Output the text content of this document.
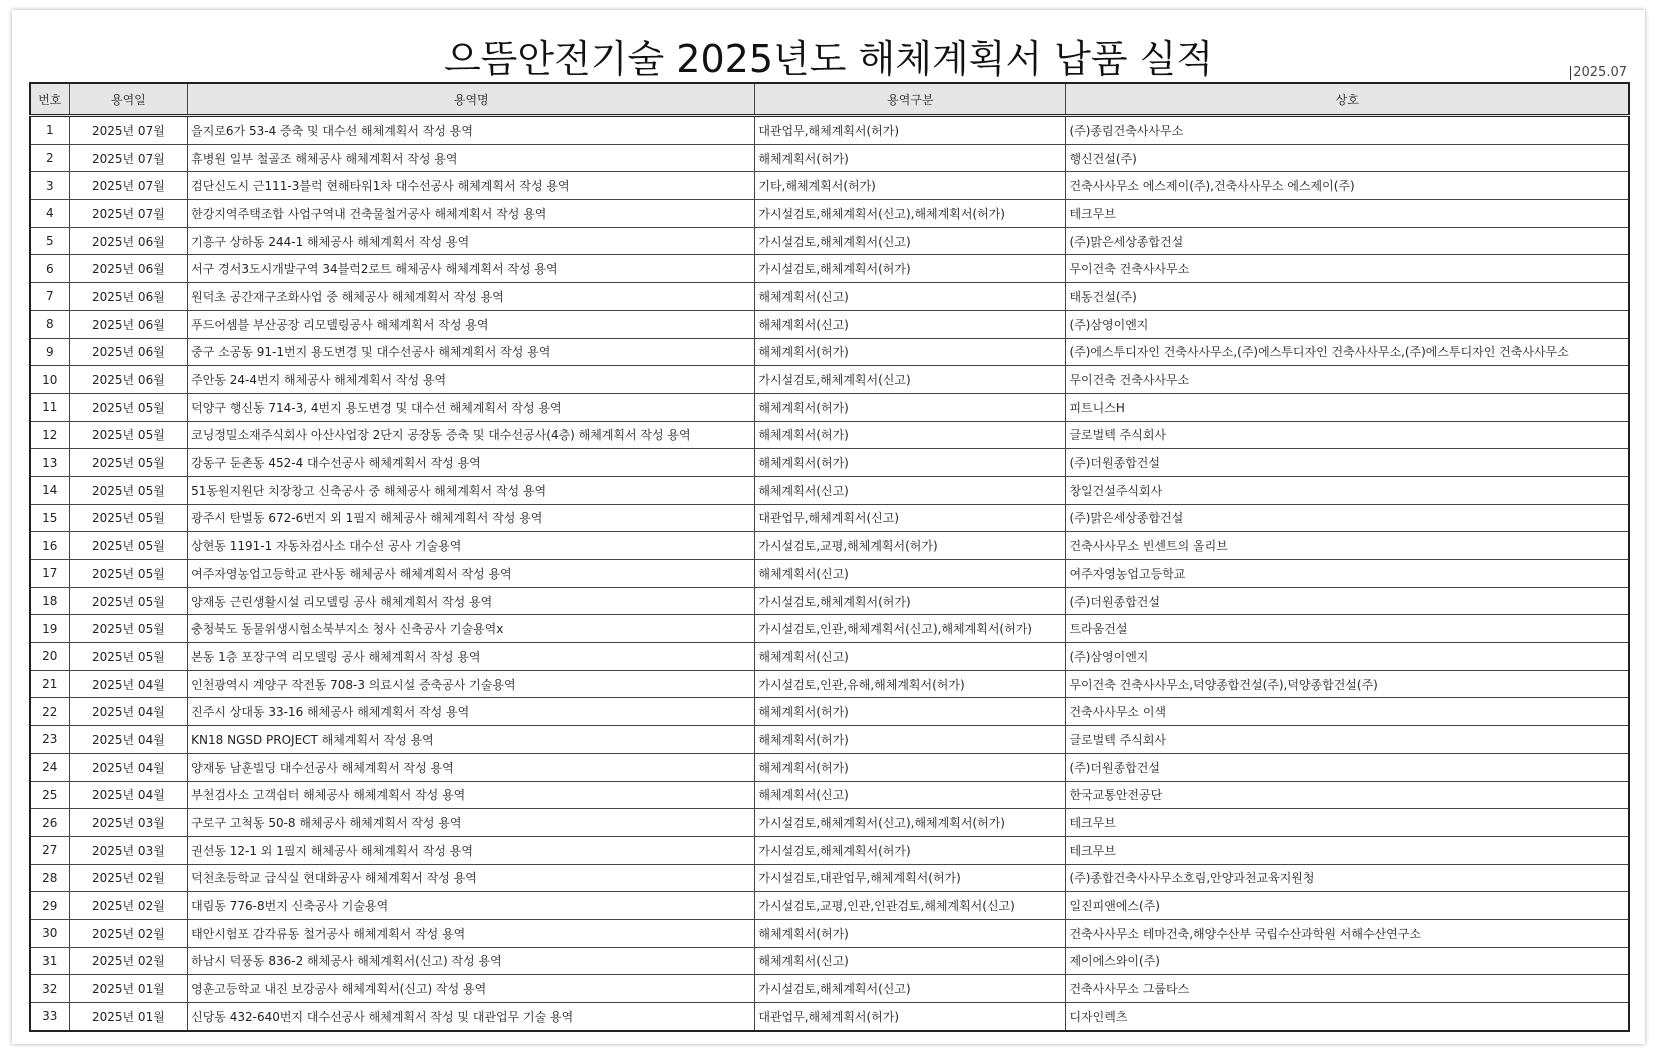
으뜸안전기술 2025년도 해체계획서 납품 실적	2025.07
번호	용역일	용역명	용역구분	상호
1	2025년 07월	을지로6가 53-4 증축 및 대수선 해체계획서 작성 용역	대관업무,해체계획서(허가)	(주)종림건축사사무소
2	2025년 07월	휴병원 일부 철골조 해체공사 해체계획서 작성 용역	해체계획서(허가)	행신건설(주)
3	2025년 07월	검단신도시 근111-3블럭 현해타워1차 대수선공사 해체계획서 작성 용역	기타,해체계획서(허가)	건축사사무소 에스제이(주),건축사사무소 에스제이(주)
4	2025년 07월	한강지역주택조합 사업구역내 건축물철거공사 해체계획서 작성 용역	가시설검토,해체계획서(신고),해체계획서(허가)	테크무브
5	2025년 06월	기흥구 상하동 244-1 해체공사 해체계획서 작성 용역	가시설검토,해체계획서(신고)	(주)맑은세상종합건설
6	2025년 06월	서구 경서3도시개발구역 34블럭2로트 해체공사 해체계획서 작성 용역	가시설검토,해체계획서(허가)	무이건축 건축사사무소
7	2025년 06월	원덕초 공간재구조화사업 중 해체공사 해체계획서 작성 용역	해체계획서(신고)	태동건설(주)
8	2025년 06월	푸드어셈블 부산공장 리모델링공사 해체계획서 작성 용역	해체계획서(신고)	(주)삼영이엔지
9	2025년 06월	중구 소공동 91-1번지 용도변경 및 대수선공사 해체계획서 작성 용역	해체계획서(허가)	(주)에스투디자인 건축사사무소,(주)에스투디자인 건축사사무소,(주)에스투디자인 건축사사무소
10	2025년 06월	주안동 24-4번지 해체공사 해체계획서 작성 용역	가시설검토,해체계획서(신고)	무이건축 건축사사무소
11	2025년 05월	덕양구 행신동 714-3, 4번지 용도변경 및 대수선 해체계획서 작성 용역	해체계획서(허가)	피트니스H
12	2025년 05월	코닝정밀소재주식회사 아산사업장 2단지 공장동 증축 및 대수선공사(4층) 해체계획서 작성 용역	해체계획서(허가)	글로벌텍 주식회사
13	2025년 05월	강동구 둔촌동 452-4 대수선공사 해체계획서 작성 용역	해체계획서(허가)	(주)더원종합건설
14	2025년 05월	51동원지원단 치장창고 신축공사 중 해체공사 해체계획서 작성 용역	해체계획서(신고)	창일건설주식회사
15	2025년 05월	광주시 탄벌동 672-6번지 외 1필지 해체공사 해체계획서 작성 용역	대관업무,해체계획서(신고)	(주)맑은세상종합건설
16	2025년 05월	상현동 1191-1 자동차검사소 대수선 공사 기술용역	가시설검토,교평,해체계획서(허가)	건축사사무소 빈센트의 올리브
17	2025년 05월	여주자영농업고등학교 관사동 해체공사 해체계획서 작성 용역	해체계획서(신고)	여주자영농업고등학교
18	2025년 05월	양재동 근린생활시설 리모델링 공사 해체계획서 작성 용역	가시설검토,해체계획서(허가)	(주)더원종합건설
19	2025년 05월	충청북도 동물위생시험소북부지소 청사 신축공사 기술용역x	가시설검토,인관,해체계획서(신고),해체계획서(허가)	트라움건설
20	2025년 05월	본동 1층 포장구역 리모델링 공사 해체계획서 작성 용역	해체계획서(신고)	(주)삼영이엔지
21	2025년 04월	인천광역시 계양구 작전동 708-3 의료시설 증축공사 기술용역	가시설검토,인관,유해,해체계획서(허가)	무이건축 건축사사무소,덕양종합건설(주),덕양종합건설(주)
22	2025년 04월	진주시 상대동 33-16 해체공사 해체계획서 작성 용역	해체계획서(허가)	건축사사무소 이색
23	2025년 04월	KN18 NGSD PROJECT 해체계획서 작성 용역	해체계획서(허가)	글로벌텍 주식회사
24	2025년 04월	양재동 남훈빌딩 대수선공사 해체계획서 작성 용역	해체계획서(허가)	(주)더원종합건설
25	2025년 04월	부천검사소 고객쉼터 해체공사 해체계획서 작성 용역	해체계획서(신고)	한국교통안전공단
26	2025년 03월	구로구 고척동 50-8 해체공사 해체계획서 작성 용역	가시설검토,해체계획서(신고),해체계획서(허가)	테크무브
27	2025년 03월	권선동 12-1 외 1필지 해체공사 해체계획서 작성 용역	가시설검토,해체계획서(허가)	테크무브
28	2025년 02월	덕천초등학교 급식실 현대화공사 해체계획서 작성 용역	가시설검토,대관업무,해체계획서(허가)	(주)종합건축사사무소호림,안양과천교육지원청
29	2025년 02월	대림동 776-8번지 신축공사 기술용역	가시설검토,교평,인관,인관검토,해체계획서(신고)	일진피앤에스(주)
30	2025년 02월	태안시험포 감각류동 철거공사 해체계획서 작성 용역	해체계획서(허가)	건축사사무소 테마건축,해양수산부 국립수산과학원 서해수산연구소
31	2025년 02월	하남시 덕풍동 836-2 해체공사 해체계획서(신고) 작성 용역	해체계획서(신고)	제이에스와이(주)
32	2025년 01월	영훈고등학교 내진 보강공사 해체계획서(신고) 작성 용역	가시설검토,해체계획서(신고)	건축사사무소 그룹타스
33	2025년 01월	신당동 432-640번지 대수선공사 해체계획서 작성 및 대관업무 기술 용역	대관업무,해체계획서(허가)	디자인렉츠
